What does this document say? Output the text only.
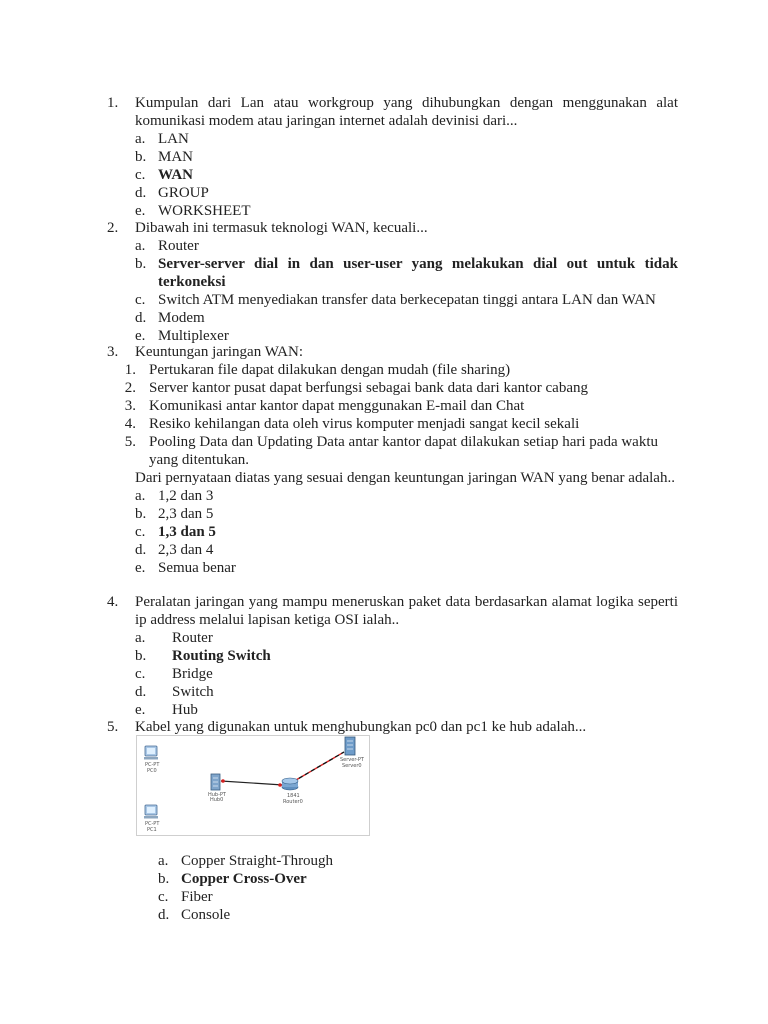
1.	Kumpulan dari Lan atau workgroup yang dihubungkan dengan menggunakan alat komunikasi modem atau jaringan internet adalah devinisi dari...
a. LAN
b. MAN
c. WAN
d. GROUP
e. WORKSHEET
2.	Dibawah ini termasuk teknologi WAN, kecuali...
a. Router
b. Server-server dial in dan user-user yang melakukan dial out untuk tidak terkoneksi
c. Switch ATM menyediakan transfer data berkecepatan tinggi antara LAN dan WAN
d. Modem
e. Multiplexer
3.	Keuntungan jaringan WAN:
1. Pertukaran file dapat dilakukan dengan mudah (file sharing)
2. Server kantor pusat dapat berfungsi sebagai bank data dari kantor cabang
3. Komunikasi antar kantor dapat menggunakan E-mail dan Chat
4. Resiko kehilangan data oleh virus komputer menjadi sangat kecil sekali
5. Pooling Data dan Updating Data antar kantor dapat dilakukan setiap hari pada waktu yang ditentukan.
Dari pernyataan diatas yang sesuai dengan keuntungan jaringan WAN yang benar adalah..
a. 1,2 dan 3
b. 2,3 dan 5
c. 1,3 dan 5
d. 2,3 dan 4
e. Semua benar
4.	Peralatan jaringan yang mampu meneruskan paket data berdasarkan alamat logika seperti ip address melalui lapisan ketiga OSI ialah..
a. Router
b. Routing Switch
c. Bridge
d. Switch
e. Hub
5.	Kabel yang digunakan untuk menghubungkan pc0 dan pc1 ke hub adalah...
PC-PT
PC0
PC-PT
PC1
Hub-PT
Hub0
1841
Router0
Server-PT
Server0
a. Copper Straight-Through
b. Copper Cross-Over
c. Fiber
d. Console
